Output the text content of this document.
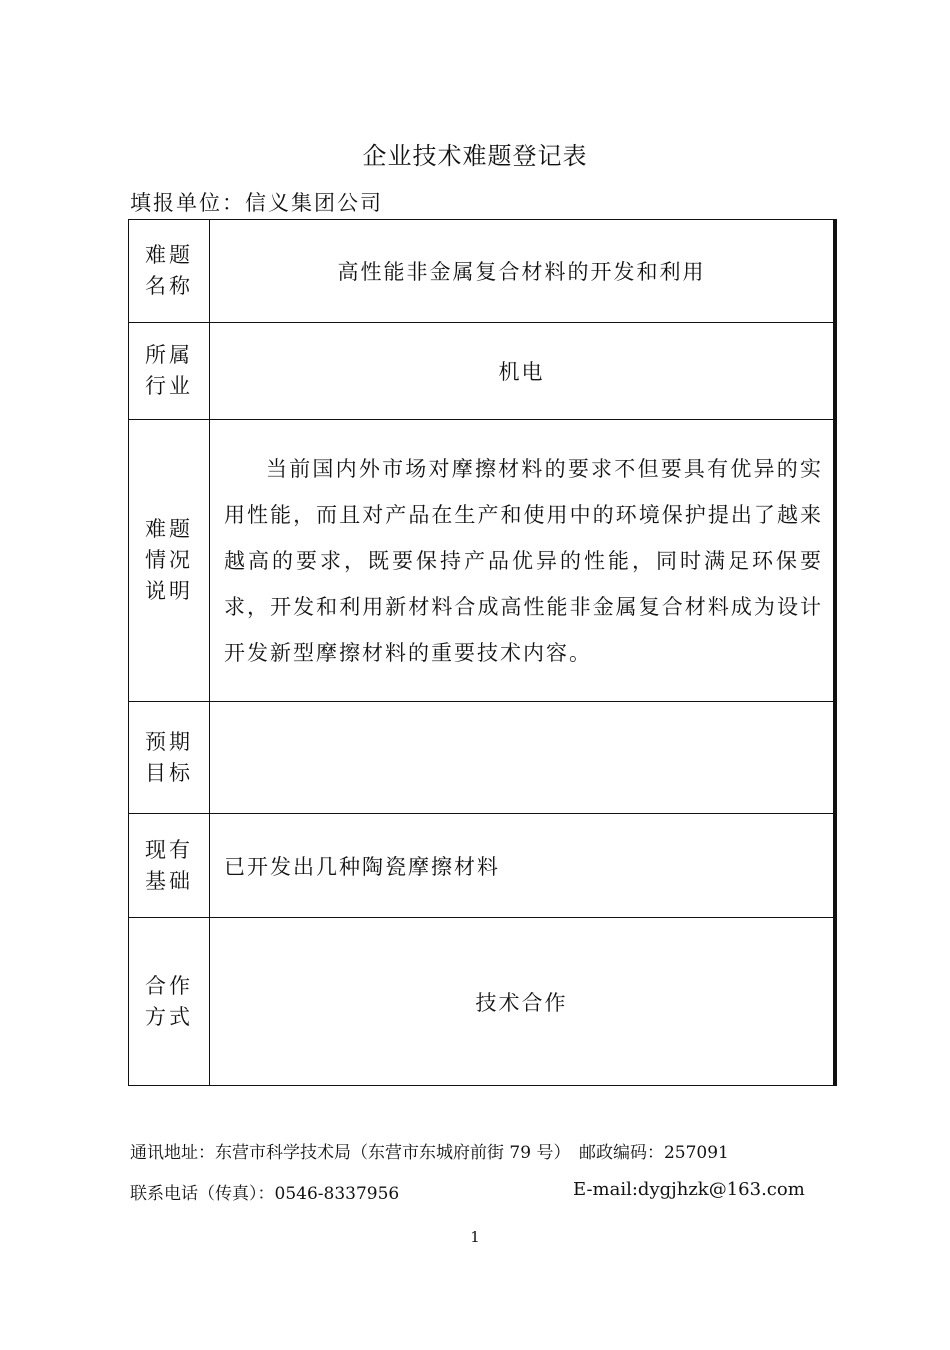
企业技术难题登记表
填报单位：信义集团公司
难题
名称	高性能非金属复合材料的开发和利用

所属
行业	机电

难题
情况
说明	当前国内外市场对摩擦材料的要求不但要具有优异的实用性能，而且对产品在生产和使用中的环境保护提出了越来越高的要求，既要保持产品优异的性能，同时满足环保要求，开发和利用新材料合成高性能非金属复合材料成为设计开发新型摩擦材料的重要技术内容。

预期
目标	

现有
基础	已开发出几种陶瓷摩擦材料

合作
方式	技术合作
通讯地址：东营市科学技术局（东营市东城府前街 79 号）　邮政编码：257091
联系电话（传真）：0546-8337956	E-mail:dygjhzk@163.com
1
